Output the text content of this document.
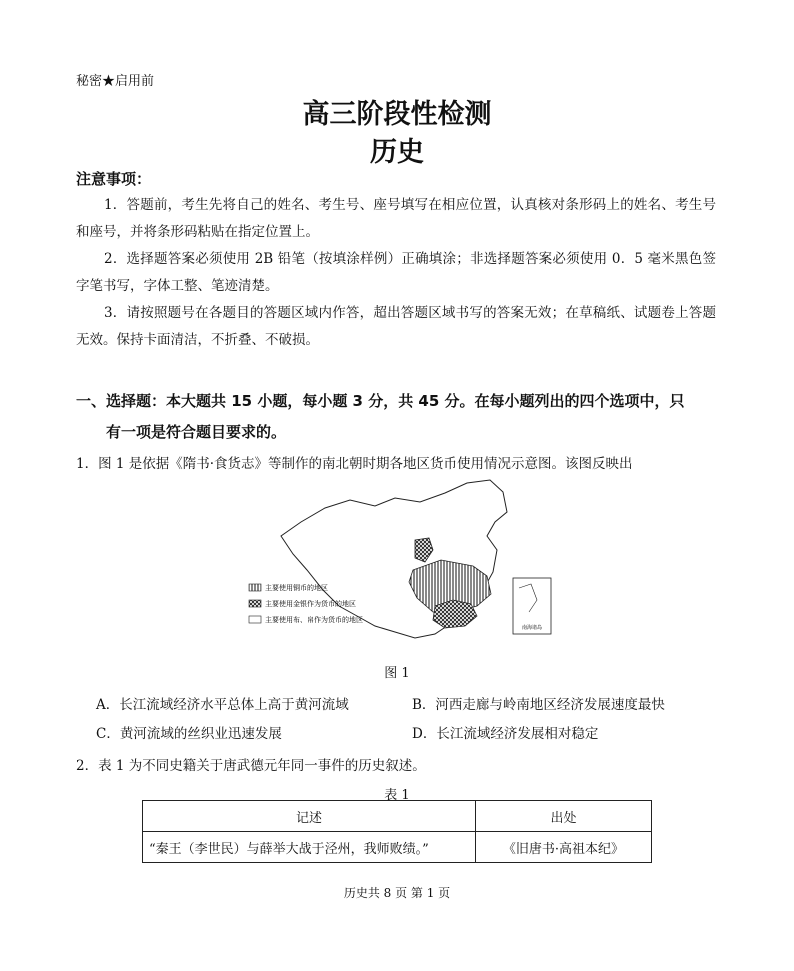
秘密★启用前
高三阶段性检测
历史
注意事项：
1．答题前，考生先将自己的姓名、考生号、座号填写在相应位置，认真核对条形码上的姓名、考生号和座号，并将条形码粘贴在指定位置上。
2．选择题答案必须使用 2B 铅笔（按填涂样例）正确填涂；非选择题答案必须使用 0．5 毫米黑色签字笔书写，字体工整、笔迹清楚。
3．请按照题号在各题目的答题区域内作答，超出答题区域书写的答案无效；在草稿纸、试题卷上答题无效。保持卡面清洁，不折叠、不破损。
一、选择题：本大题共 15 小题，每小题 3 分，共 45 分。在每小题列出的四个选项中，只
有一项是符合题目要求的。
1．图 1 是依据《隋书·食货志》等制作的南北朝时期各地区货币使用情况示意图。该图反映出
南海诸岛
主要使用铜币的地区
主要使用金银作为货币的地区
主要使用布、帛作为货币的地区
图 1
A．长江流域经济水平总体上高于黄河流域	B．河西走廊与岭南地区经济发展速度最快
C．黄河流域的丝织业迅速发展	D．长江流域经济发展相对稳定
2．表 1 为不同史籍关于唐武德元年同一事件的历史叙述。
表 1
记述	出处
“秦王（李世民）与薛举大战于泾州，我师败绩。”	《旧唐书·高祖本纪》
历史共 8 页 第 1 页
